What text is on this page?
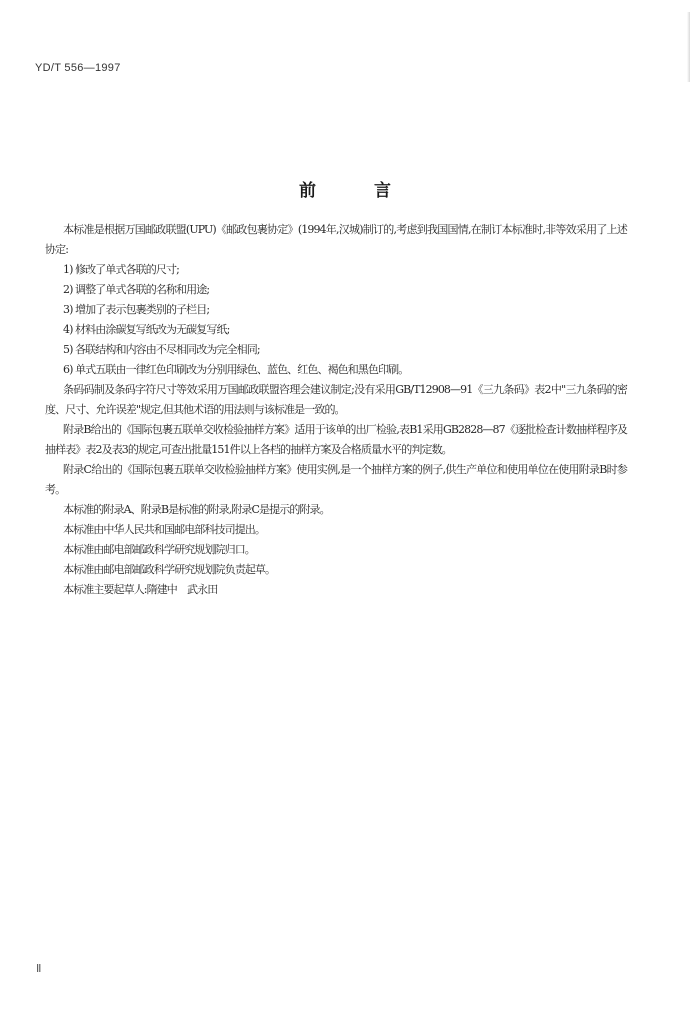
YD/T 556—1997

前	言

本标准是根据万国邮政联盟(UPU)《邮政包裹协定》(1994年,汉城)制订的,考虑到我国国情,在制订本标准时,非等效采用了上述协定:

1) 修改了单式各联的尺寸;

2) 调整了单式各联的名称和用途;

3) 增加了表示包裹类别的子栏目;

4) 材料由涂碳复写纸改为无碳复写纸;

5) 各联结构和内容由不尽相同改为完全相同;

6) 单式五联由一律红色印刷改为分别用绿色、蓝色、红色、褐色和黑色印刷。

条码码制及条码字符尺寸等效采用万国邮政联盟咨理会建议制定;没有采用GB/T12908—91《三九条码》表2中"三九条码的密度、尺寸、允许误差"规定,但其他术语的用法则与该标准是一致的。

附录B给出的《国际包裹五联单交收检验抽样方案》适用于该单的出厂检验,表B1采用GB2828—87《逐批检查计数抽样程序及抽样表》表2及表3的规定,可查出批量151件以上各档的抽样方案及合格质量水平的判定数。

附录C给出的《国际包裹五联单交收检验抽样方案》使用实例,是一个抽样方案的例子,供生产单位和使用单位在使用附录B时参考。

本标准的附录A、附录B是标准的附录,附录C是提示的附录。

本标准由中华人民共和国邮电部科技司提出。

本标准由邮电部邮政科学研究规划院归口。

本标准由邮电部邮政科学研究规划院负责起草。

本标准主要起草人:隋建中　武永田

Ⅱ
